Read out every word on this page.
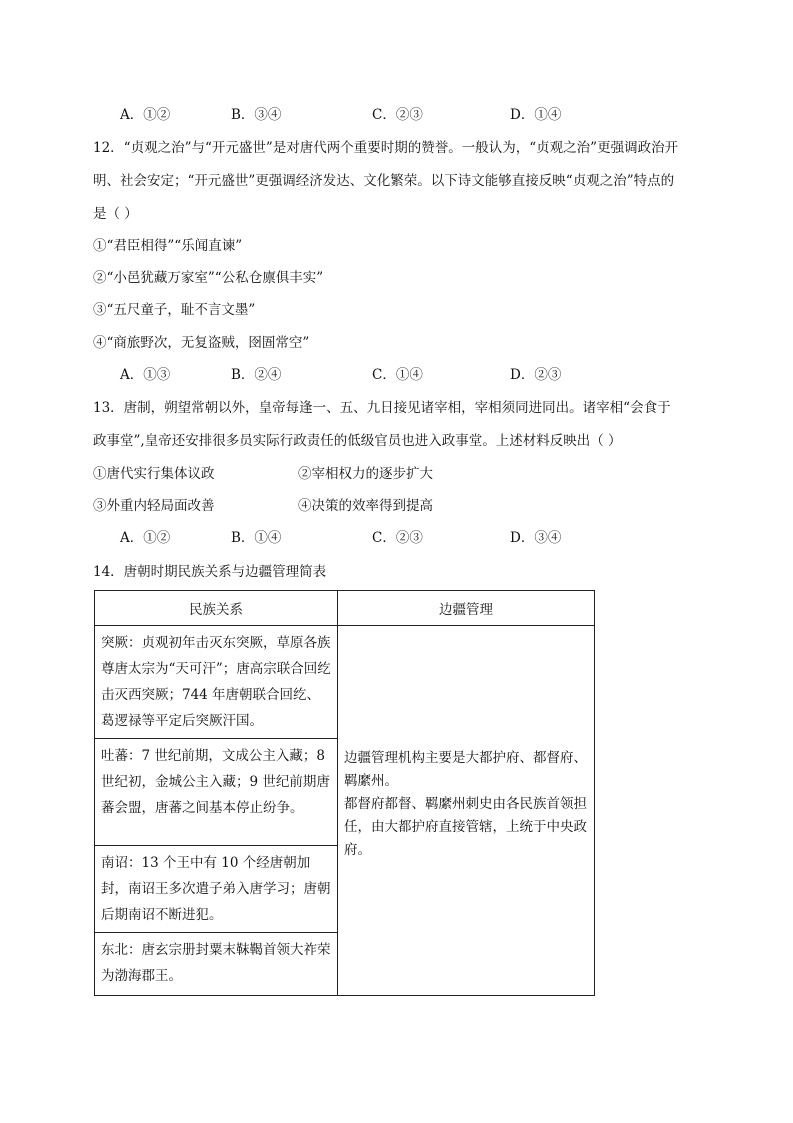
A．①②	B．③④	C．②③	D．①④
12．“贞观之治”与“开元盛世”是对唐代两个重要时期的赞誉。一般认为，“贞观之治”更强调政治开
明、社会安定；“开元盛世”更强调经济发达、文化繁荣。以下诗文能够直接反映“贞观之治”特点的
是（ ）
①“君臣相得”“乐闻直谏”
②“小邑犹藏万家室”“公私仓廪俱丰实”
③“五尺童子，耻不言文墨”
④“商旅野次，无复盗贼，囹圄常空”
A．①③	B．②④	C．①④	D．②③
13．唐制，朔望常朝以外，皇帝每逢一、五、九日接见诸宰相，宰相须同进同出。诸宰相“会食于
政事堂”,皇帝还安排很多员实际行政责任的低级官员也进入政事堂。上述材料反映出（ ）
①唐代实行集体议政	②宰相权力的逐步扩大
③外重内轻局面改善	④决策的效率得到提高
A．①②	B．①④	C．②③	D．③④
14．唐朝时期民族关系与边疆管理简表
民族关系	边疆管理

突厥：贞观初年击灭东突厥，草原各族尊唐太宗为“天可汗”；唐高宗联合回纥击灭西突厥；744 年唐朝联合回纥、葛逻禄等平定后突厥汗国。	边疆管理机构主要是大都护府、都督府、羁縻州。
都督府都督、羁縻州刺史由各民族首领担任，由大都护府直接管辖，上统于中央政府。

吐蕃：7 世纪前期，文成公主入藏；8 世纪初，金城公主入藏；9 世纪前期唐蕃会盟，唐蕃之间基本停止纷争。	

南诏：13 个王中有 10 个经唐朝加封，南诏王多次遣子弟入唐学习；唐朝后期南诏不断进犯。	

东北：唐玄宗册封粟末靺鞨首领大祚荣为渤海郡王。	
